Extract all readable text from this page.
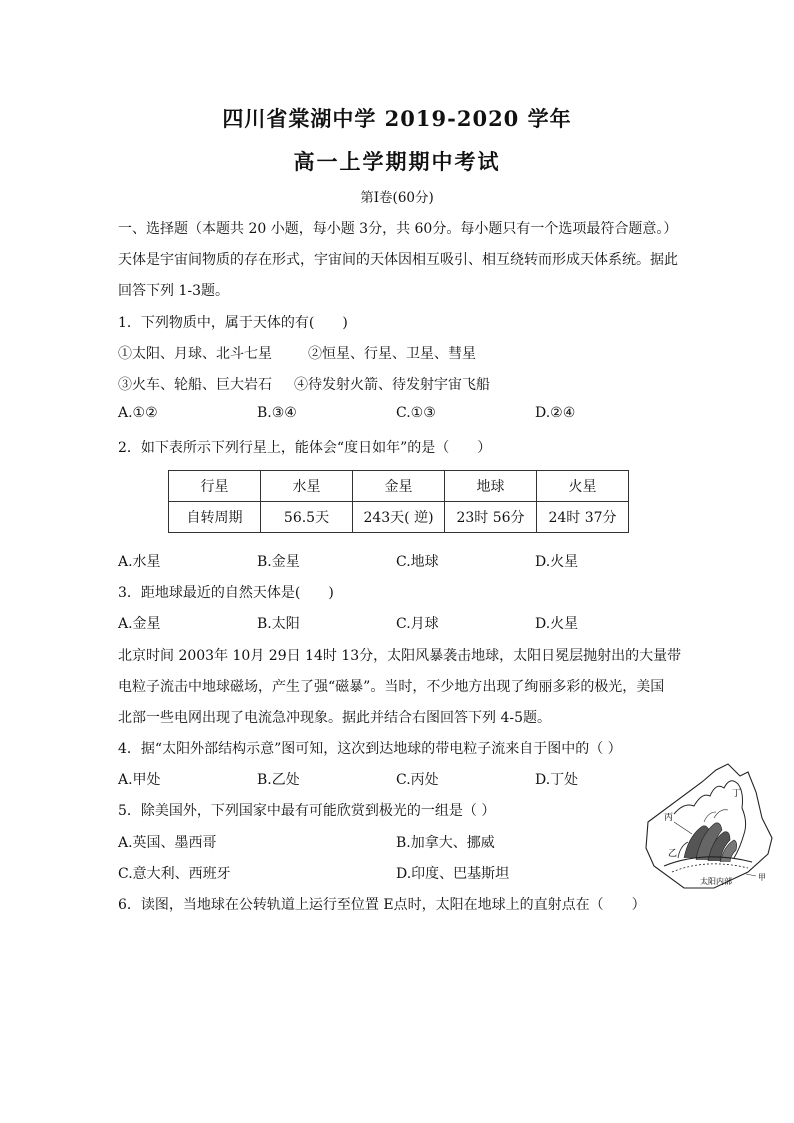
四川省棠湖中学 2019-2020 学年
高一上学期期中考试
第Ⅰ卷(60分)
一、选择题（本题共 20 小题，每小题 3分，共 60分。每小题只有一个选项最符合题意。）
天体是宇宙间物质的存在形式，宇宙间的天体因相互吸引、相互绕转而形成天体系统。据此
回答下列 1-3题。
1．下列物质中，属于天体的有(　　)
①太阳、月球、北斗七星	②恒星、行星、卫星、彗星
③火车、轮船、巨大岩石 ④待发射火箭、待发射宇宙飞船
A.①②	B.③④	C.①③	D.②④
2．如下表所示下列行星上，能体会“度日如年”的是（　　）
行星	水星	金星	地球	火星
自转周期	56.5天	243天( 逆)	23时 56分	24时 37分
A.水星	B.金星	C.地球	D.火星
3．距地球最近的自然天体是(　　)
A.金星	B.太阳	C.月球	D.火星
北京时间 2003年 10月 29日 14时 13分，太阳风暴袭击地球，太阳日冕层抛射出的大量带
电粒子流击中地球磁场，产生了强“磁暴”。当时，不少地方出现了绚丽多彩的极光，美国
北部一些电网出现了电流急冲现象。据此并结合右图回答下列 4-5题。
4．据“太阳外部结构示意”图可知，这次到达地球的带电粒子流来自于图中的（ ）
A.甲处	B.乙处	C.丙处	D.丁处
5．除美国外，下列国家中最有可能欣赏到极光的一组是（ ）
A.英国、墨西哥	B.加拿大、挪威
C.意大利、西班牙	D.印度、巴基斯坦
6．读图，当地球在公转轨道上运行至位置 E点时，太阳在地球上的直射点在（　　）
丁
丙
乙
甲
太阳内部
